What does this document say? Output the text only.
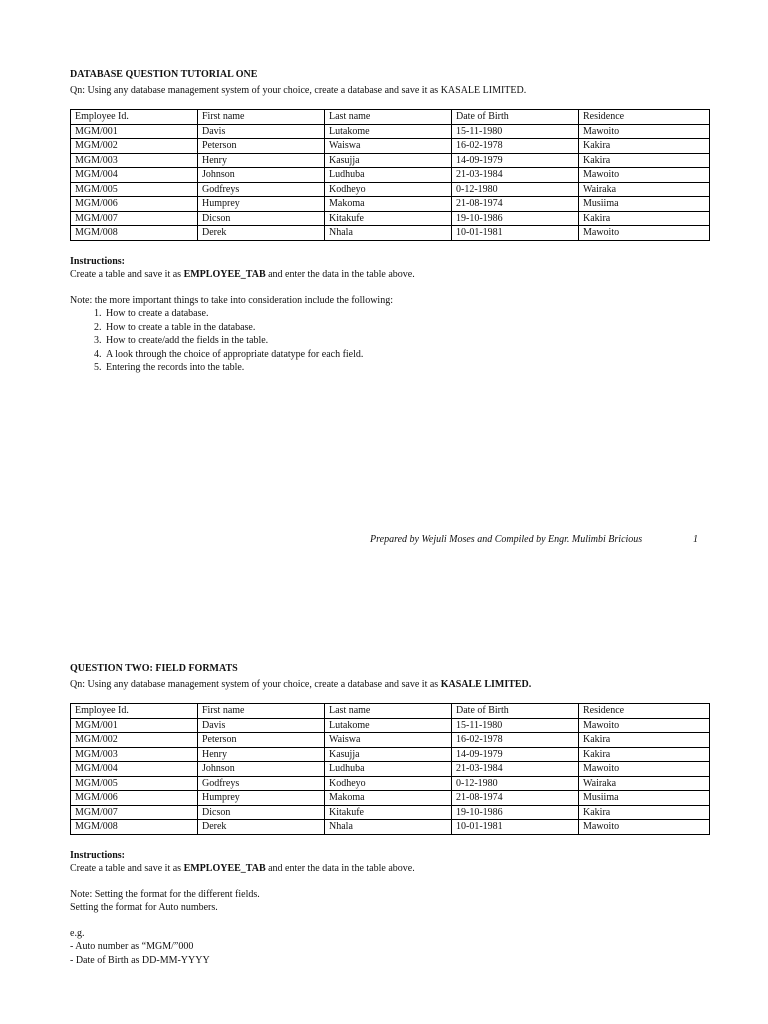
DATABASE QUESTION TUTORIAL ONE

Qn: Using any database management system of your choice, create a database and save it as KASALE LIMITED.

Employee Id.	First name	Last name	Date of Birth	Residence
MGM/001	Davis	Lutakome	15-11-1980	Mawoito
MGM/002	Peterson	Waiswa	16-02-1978	Kakira
MGM/003	Henry	Kasujja	14-09-1979	Kakira
MGM/004	Johnson	Ludhuba	21-03-1984	Mawoito
MGM/005	Godfreys	Kodheyo	0-12-1980	Wairaka
MGM/006	Humprey	Makoma	21-08-1974	Musiima
MGM/007	Dicson	Kitakufe	19-10-1986	Kakira
MGM/008	Derek	Nhala	10-01-1981	Mawoito
Instructions:
Create a table and save it as EMPLOYEE_TAB and enter the data in the table above.
Note: the more important things to take into consideration include the following:
1. How to create a database.
2. How to create a table in the database.
3. How to create/add the fields in the table.
4. A look through the choice of appropriate datatype for each field.
5. Entering the records into the table.
Prepared by Wejuli Moses and Compiled by Engr. Mulimbi Bricious	1

QUESTION TWO: FIELD FORMATS

Qn: Using any database management system of your choice, create a database and save it as KASALE LIMITED.

Employee Id.	First name	Last name	Date of Birth	Residence
MGM/001	Davis	Lutakome	15-11-1980	Mawoito
MGM/002	Peterson	Waiswa	16-02-1978	Kakira
MGM/003	Henry	Kasujja	14-09-1979	Kakira
MGM/004	Johnson	Ludhuba	21-03-1984	Mawoito
MGM/005	Godfreys	Kodheyo	0-12-1980	Wairaka
MGM/006	Humprey	Makoma	21-08-1974	Musiima
MGM/007	Dicson	Kitakufe	19-10-1986	Kakira
MGM/008	Derek	Nhala	10-01-1981	Mawoito
Instructions:
Create a table and save it as EMPLOYEE_TAB and enter the data in the table above.

Note: Setting the format for the different fields.

Setting the format for Auto numbers.

e.g.

- Auto number as “MGM/”000

- Date of Birth as DD-MM-YYYY
